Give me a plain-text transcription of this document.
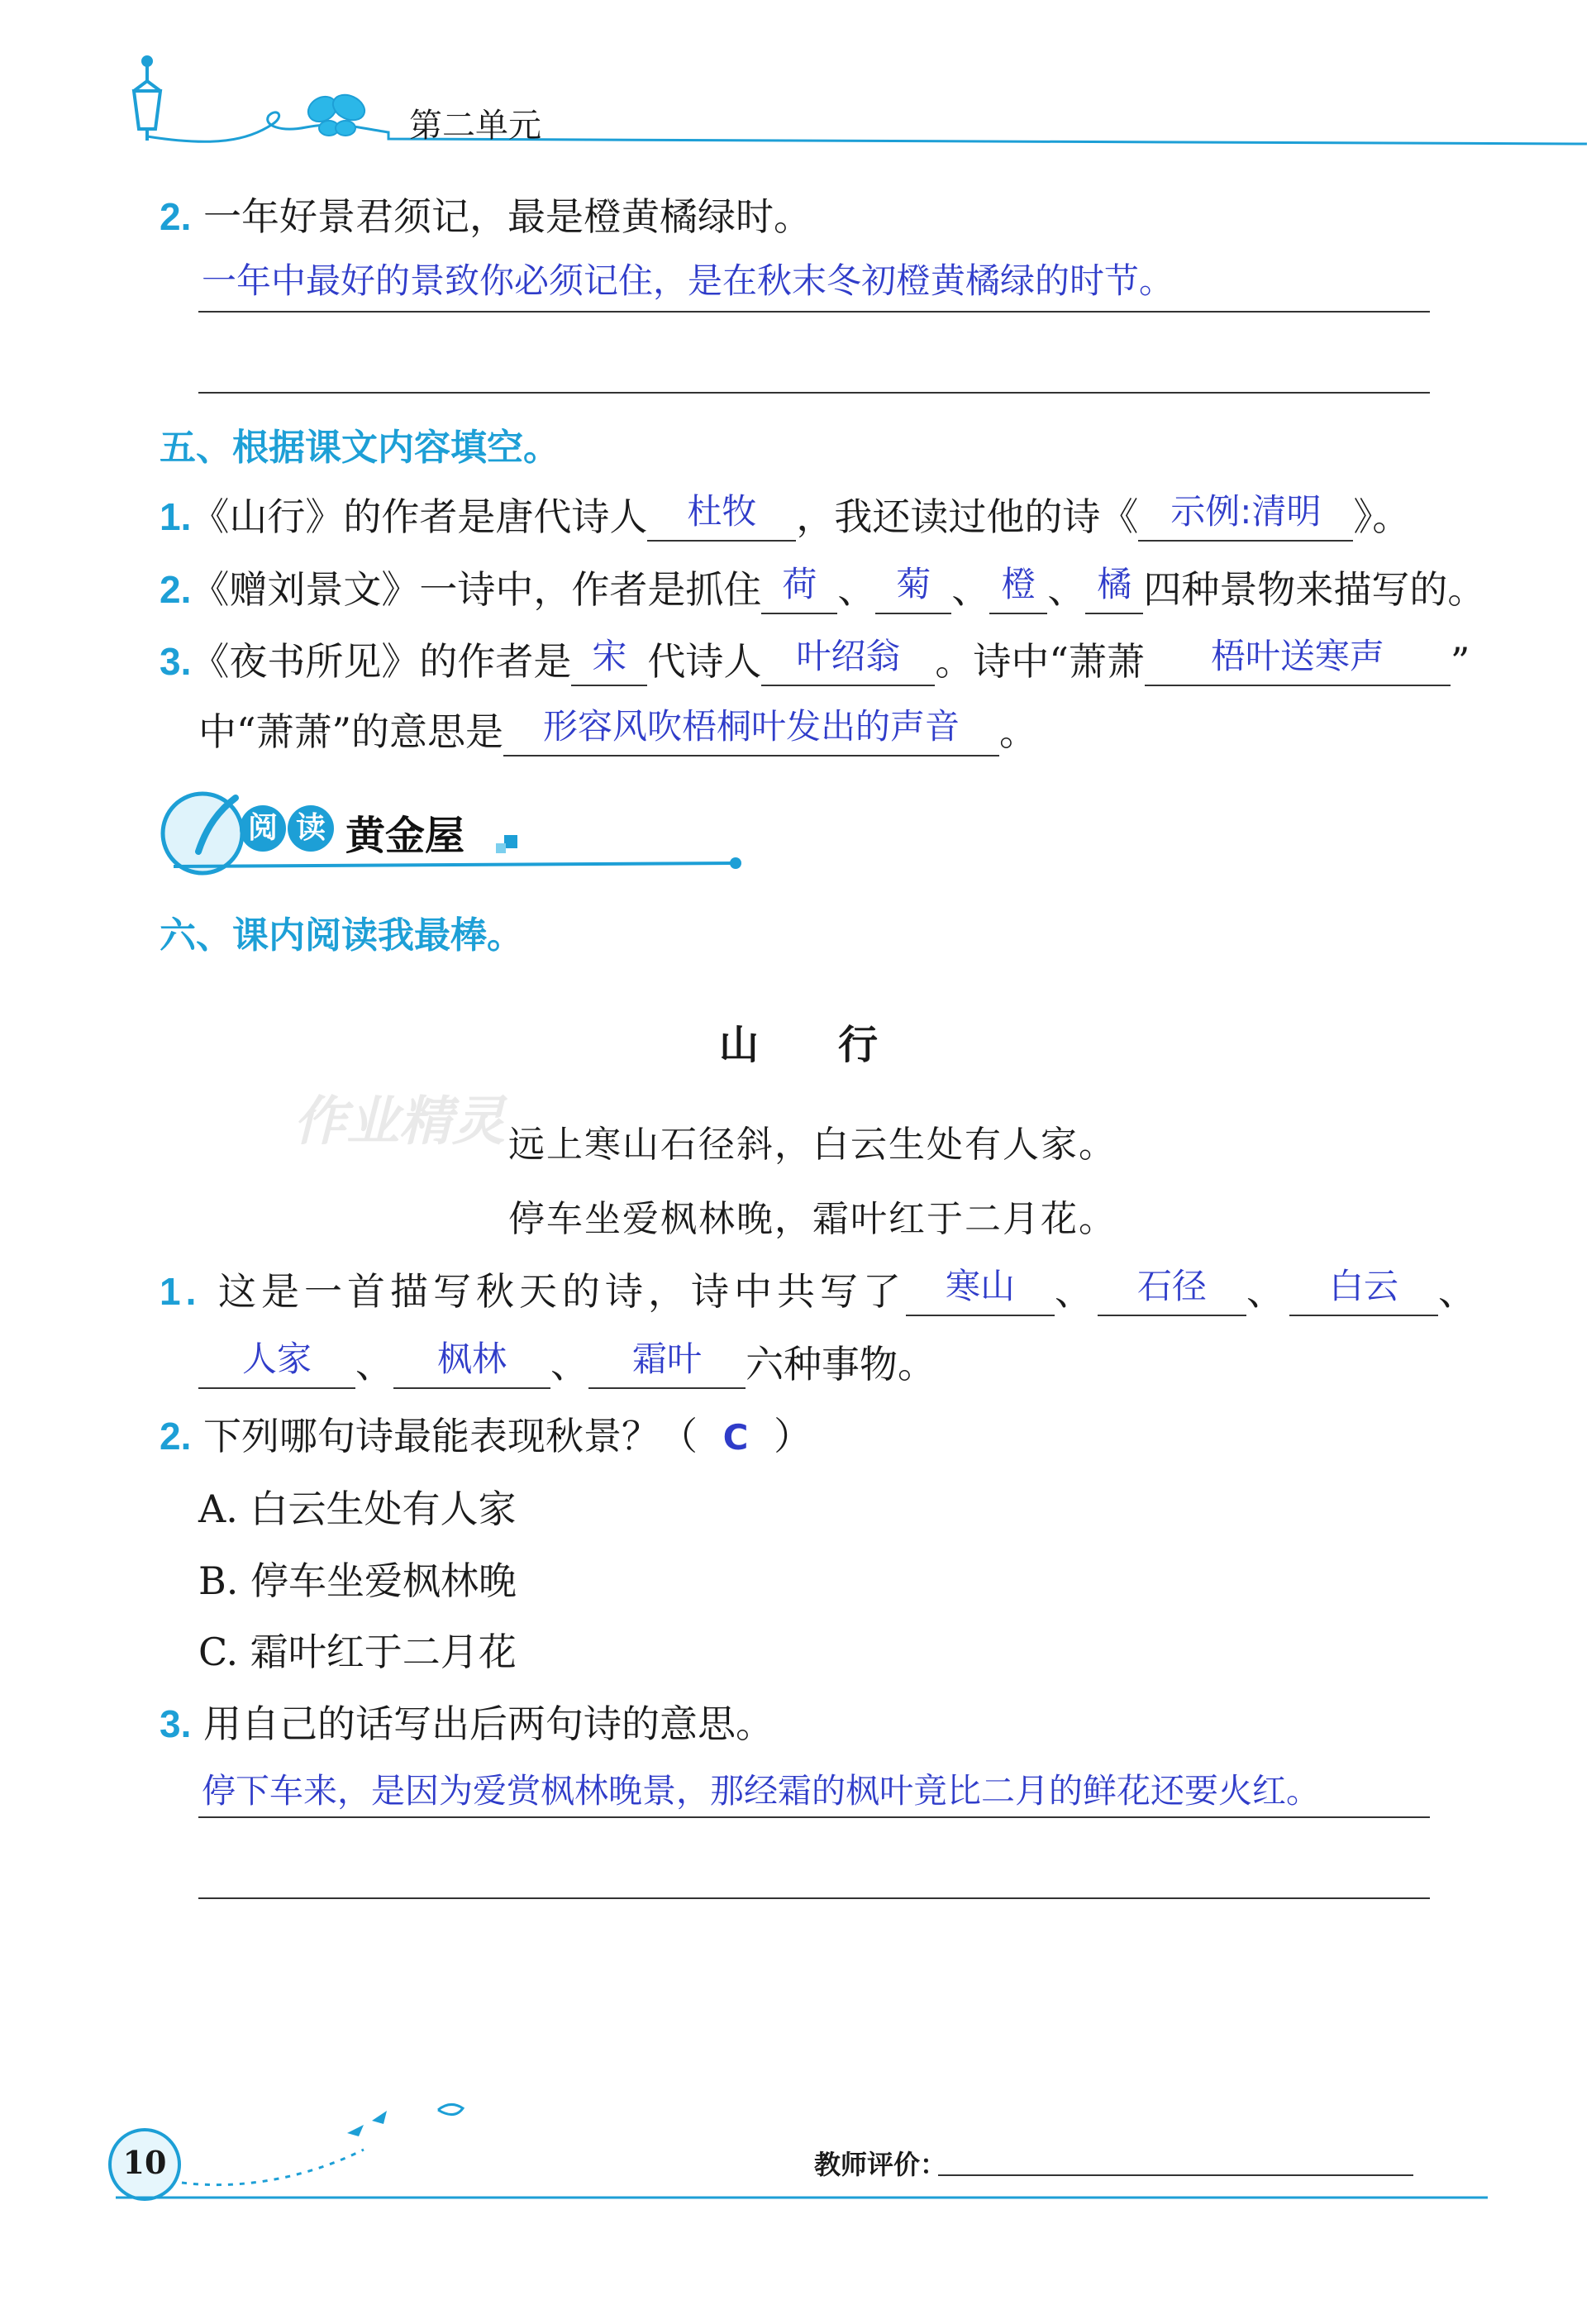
第二单元
2. 一年好景君须记，最是橙黄橘绿时。
一年中最好的景致你必须记住，是在秋末冬初橙黄橘绿的时节。
五、根据课文内容填空。
1.《山行》的作者是唐代诗人	杜牧	，我还读过他的诗《 示例:清明 》。
2.《赠刘景文》一诗中，作者是抓住 荷 、 菊 、 橙 、 橘 四种景物来描写的。
3.《夜书所见》的作者是 宋 代诗人 叶绍翁 。诗中“萧萧	梧叶送寒声	”
中“萧萧”的意思是	形容风吹梧桐叶发出的声音	。
阅 读 黄金屋
六、课内阅读我最棒。
山　　行
作业精灵 远上寒山石径斜，白云生处有人家。
停车坐爱枫林晚，霜叶红于二月花。
1. 这是一首描写秋天的诗，诗中共写了	寒山	、	石径	、	白云	、
人家	、	枫林	、	霜叶	六种事物。
2. 下列哪句诗最能表现秋景？（ C ）
A. 白云生处有人家
B. 停车坐爱枫林晚
C. 霜叶红于二月花
3. 用自己的话写出后两句诗的意思。
停下车来，是因为爱赏枫林晚景，那经霜的枫叶竟比二月的鲜花还要火红。
10	教师评价：
